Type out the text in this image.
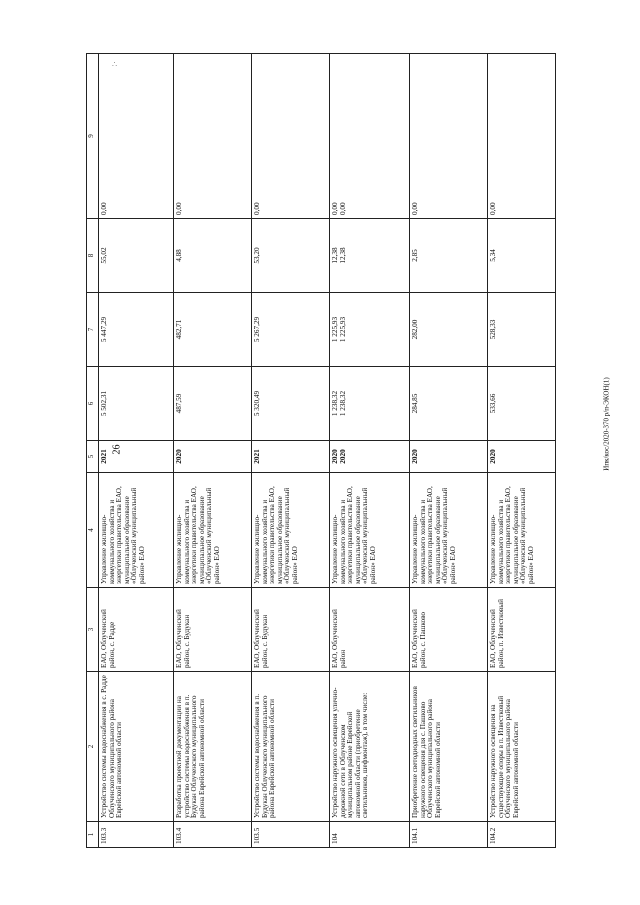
26
∴
Ипк/кос/2020-370 р/п-ЭКОН(1)
1	2	3	4	5	6	7	8	9
103.3	Устройство системы водоснабжения в с. Радде Облученского муниципального района Еврейской автономной области	ЕАО, Облученский район, с. Радде	Управление жилищно-коммунального хозяйства и энергетики правительства ЕАО, муниципальное образование «Облученский муниципальный район» ЕАО	2021	5 502,31	5 447,29	55,02	0,00
103.4	Разработка проектной документации на устройство системы водоснабжения в п. Будукан Облученского муниципального района Еврейской автономной области	ЕАО, Облученский район, с. Будукан	Управление жилищно-коммунального хозяйства и энергетики правительства ЕАО, муниципальное образование «Облученский муниципальный район» ЕАО	2020	487,59	482,71	4,88	0,00
103.5	Устройство системы водоснабжения в п. Будукан Облученского муниципального района Еврейской автономной области	ЕАО, Облученский район, с. Будукан	Управление жилищно-коммунального хозяйства и энергетики правительства ЕАО, муниципальное образование «Облученский муниципальный район» ЕАО	2021	5 320,49	5 267,29	53,20	0,00
104	Устройство наружного освещения улично-дорожной сети в Облученском муниципальном районе Еврейской автономной области (приобретение светильников, шефмонтаж), в том числе:	ЕАО, Облученский район	Управление жилищно-коммунального хозяйства и энергетики правительства ЕАО, муниципальное образование «Облученский муниципальный район» ЕАО	2020 2020	1 238,32 1 238,32	1 225,93 1 225,93	12,38 12,38	0,00 0,00

104.1	Приобретение светодиодных светильников наружного освещения для с. Пашково Облученского муниципального района Еврейской автономной области	ЕАО, Облученский район, с. Пашково	Управление жилищно-коммунального хозяйства и энергетики правительства ЕАО, муниципальное образование «Облученский муниципальный район» ЕАО	2020	284,85	282,00	2,85	0,00
104.2	Устройство наружного освещения на существующие опоры в п. Известковый Облученского муниципального района Еврейской автономной области	ЕАО, Облученский район, п. Известковый	Управление жилищно-коммунального хозяйства и энергетики правительства ЕАО, муниципальное образование «Облученский муниципальный район» ЕАО	2020	533,66	528,33	5,34	0,00
